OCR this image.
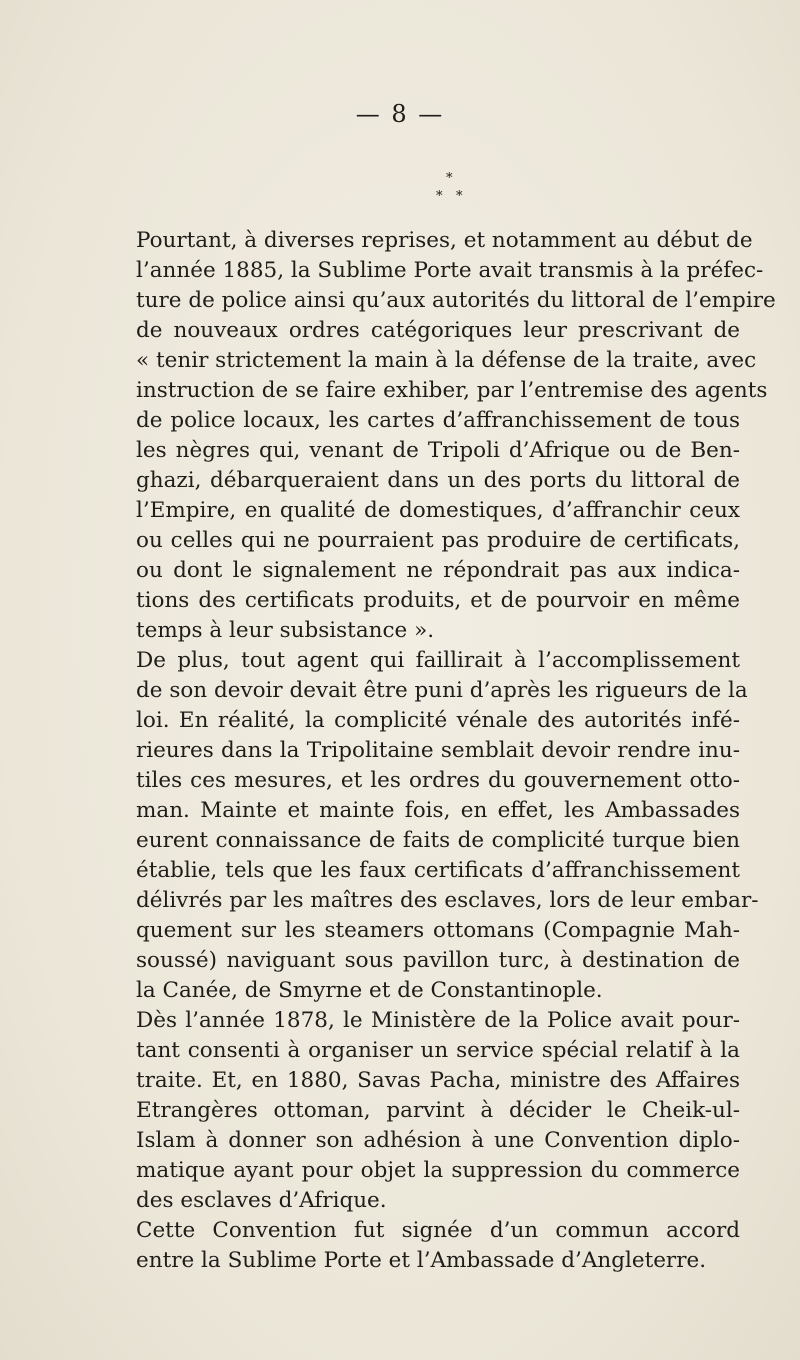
— 8 —
*
* *

Pourtant, à diverses reprises, et notamment au début de

l’année 1885, la Sublime Porte avait transmis à la préfec-

ture de police ainsi qu’aux autorités du littoral de l’empire

de nouveaux ordres catégoriques leur prescrivant de

« tenir strictement la main à la défense de la traite, avec

instruction de se faire exhiber, par l’entremise des agents

de police locaux, les cartes d’affranchissement de tous

les nègres qui, venant de Tripoli d’Afrique ou de Ben-

ghazi, débarqueraient dans un des ports du littoral de

l’Empire, en qualité de domestiques, d’affranchir ceux

ou celles qui ne pourraient pas produire de certificats,

ou dont le signalement ne répondrait pas aux indica-

tions des certificats produits, et de pourvoir en même

temps à leur subsistance ».

De plus, tout agent qui faillirait à l’accomplissement

de son devoir devait être puni d’après les rigueurs de la

loi. En réalité, la complicité vénale des autorités infé-

rieures dans la Tripolitaine semblait devoir rendre inu-

tiles ces mesures, et les ordres du gouvernement otto-

man. Mainte et mainte fois, en effet, les Ambassades

eurent connaissance de faits de complicité turque bien

établie, tels que les faux certificats d’affranchissement

délivrés par les maîtres des esclaves, lors de leur embar-

quement sur les steamers ottomans (Compagnie Mah-

soussé) naviguant sous pavillon turc, à destination de

la Canée, de Smyrne et de Constantinople.

Dès l’année 1878, le Ministère de la Police avait pour-

tant consenti à organiser un service spécial relatif à la

traite. Et, en 1880, Savas Pacha, ministre des Affaires

Etrangères ottoman, parvint à décider le Cheik-ul-

Islam à donner son adhésion à une Convention diplo-

matique ayant pour objet la suppression du commerce

des esclaves d’Afrique.

Cette Convention fut signée d’un commun accord

entre la Sublime Porte et l’Ambassade d’Angleterre.
